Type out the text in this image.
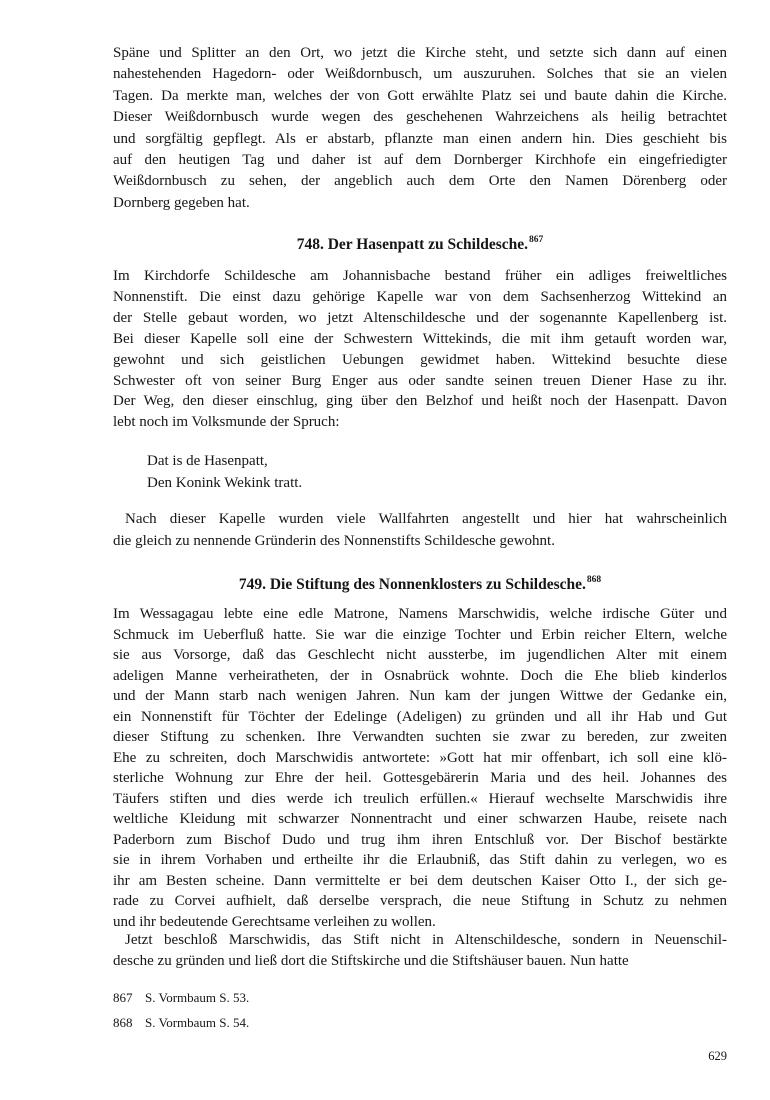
Späne und Splitter an den Ort, wo jetzt die Kirche steht, und setzte sich dann auf einen
nahestehenden Hagedorn- oder Weißdornbusch, um auszuruhen. Solches that sie an vielen
Tagen. Da merkte man, welches der von Gott erwählte Platz sei und baute dahin die Kirche.
Dieser Weißdornbusch wurde wegen des geschehenen Wahrzeichens als heilig betrachtet
und sorgfältig gepflegt. Als er abstarb, pflanzte man einen andern hin. Dies geschieht bis
auf den heutigen Tag und daher ist auf dem Dornberger Kirchhofe ein eingefriedigter
Weißdornbusch zu sehen, der angeblich auch dem Orte den Namen Dörenberg oder
Dornberg gegeben hat.
748. Der Hasenpatt zu Schildesche.$^{867}$
Im Kirchdorfe Schildesche am Johannisbache bestand früher ein adliges freiweltliches
Nonnenstift. Die einst dazu gehörige Kapelle war von dem Sachsenherzog Wittekind an
der Stelle gebaut worden, wo jetzt Altenschildesche und der sogenannte Kapellenberg ist.
Bei dieser Kapelle soll eine der Schwestern Wittekinds, die mit ihm getauft worden war,
gewohnt und sich geistlichen Uebungen gewidmet haben. Wittekind besuchte diese
Schwester oft von seiner Burg Enger aus oder sandte seinen treuen Diener Hase zu ihr.
Der Weg, den dieser einschlug, ging über den Belzhof und heißt noch der Hasenpatt. Davon
lebt noch im Volksmunde der Spruch:
Dat is de Hasenpatt,
Den Konink Wekink tratt.
Nach dieser Kapelle wurden viele Wallfahrten angestellt und hier hat wahrscheinlich
die gleich zu nennende Gründerin des Nonnenstifts Schildesche gewohnt.
749. Die Stiftung des Nonnenklosters zu Schildesche.$^{868}$
Im Wessagagau lebte eine edle Matrone, Namens Marschwidis, welche irdische Güter und
Schmuck im Ueberfluß hatte. Sie war die einzige Tochter und Erbin reicher Eltern, welche
sie aus Vorsorge, daß das Geschlecht nicht aussterbe, im jugendlichen Alter mit einem
adeligen Manne verheiratheten, der in Osnabrück wohnte. Doch die Ehe blieb kinderlos
und der Mann starb nach wenigen Jahren. Nun kam der jungen Wittwe der Gedanke ein,
ein Nonnenstift für Töchter der Edelinge (Adeligen) zu gründen und all ihr Hab und Gut
dieser Stiftung zu schenken. Ihre Verwandten suchten sie zwar zu bereden, zur zweiten
Ehe zu schreiten, doch Marschwidis antwortete: »Gott hat mir offenbart, ich soll eine klö-
sterliche Wohnung zur Ehre der heil. Gottesgebärerin Maria und des heil. Johannes des
Täufers stiften und dies werde ich treulich erfüllen.« Hierauf wechselte Marschwidis ihre
weltliche Kleidung mit schwarzer Nonnentracht und einer schwarzen Haube, reisete nach
Paderborn zum Bischof Dudo und trug ihm ihren Entschluß vor. Der Bischof bestärkte
sie in ihrem Vorhaben und ertheilte ihr die Erlaubniß, das Stift dahin zu verlegen, wo es
ihr am Besten scheine. Dann vermittelte er bei dem deutschen Kaiser Otto I., der sich ge-
rade zu Corvei aufhielt, daß derselbe versprach, die neue Stiftung in Schutz zu nehmen
und ihr bedeutende Gerechtsame verleihen zu wollen.
Jetzt beschloß Marschwidis, das Stift nicht in Altenschildesche, sondern in Neuenschil-
desche zu gründen und ließ dort die Stiftskirche und die Stiftshäuser bauen. Nun hatte
867 S. Vormbaum S. 53.
868 S. Vormbaum S. 54.
629
